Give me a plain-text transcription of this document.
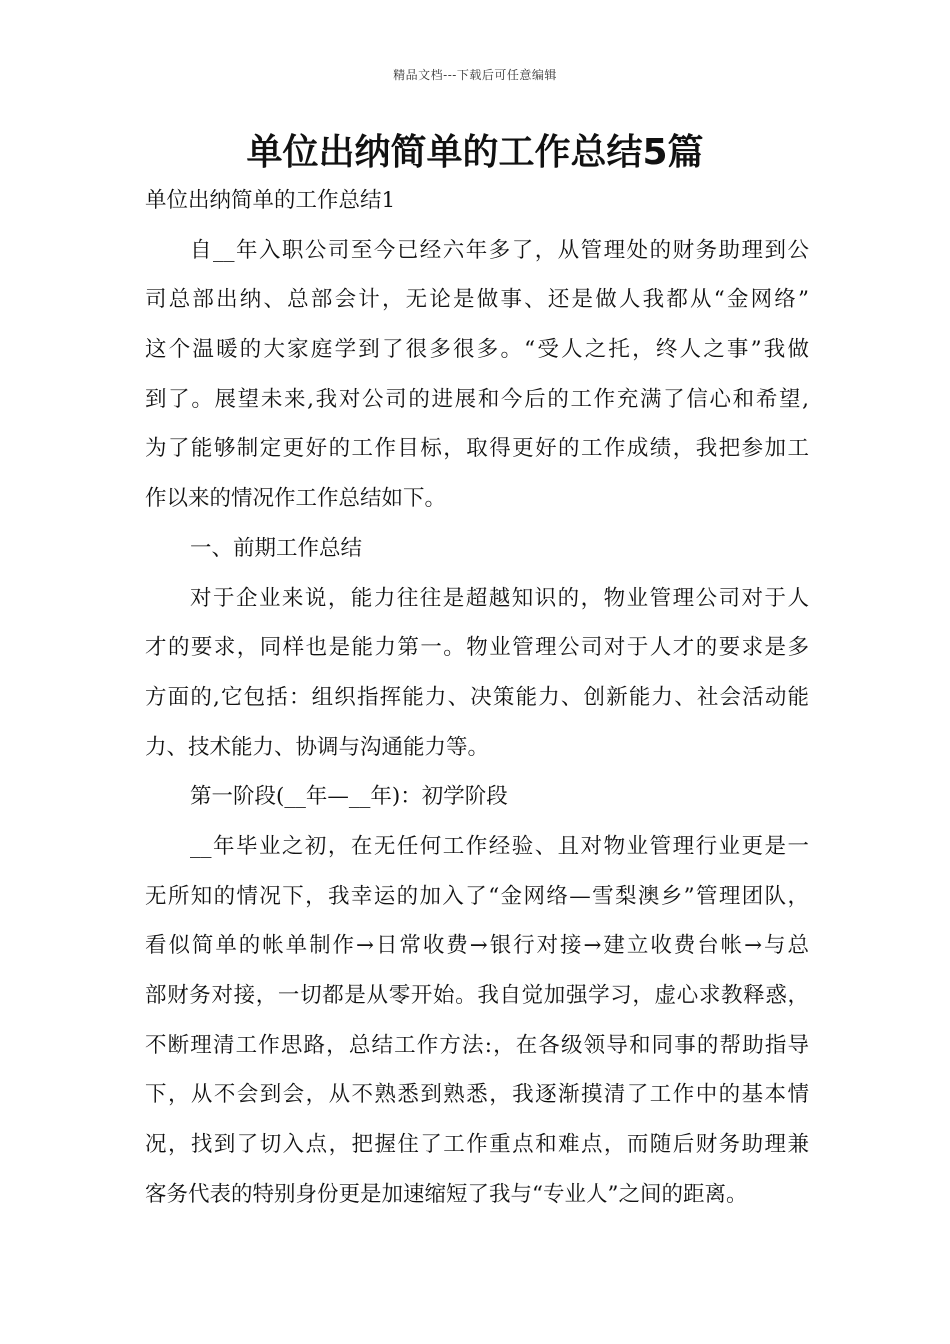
精品文档---下载后可任意编辑
单位出纳简单的工作总结5篇
单位出纳简单的工作总结1
自__年入职公司至今已经六年多了，从管理处的财务助理到公
司总部出纳、总部会计，无论是做事、还是做人我都从“金网络”
这个温暖的大家庭学到了很多很多。“受人之托，终人之事”我做
到了。展望未来,我对公司的进展和今后的工作充满了信心和希望,
为了能够制定更好的工作目标，取得更好的工作成绩，我把参加工
作以来的情况作工作总结如下。
一、前期工作总结
对于企业来说，能力往往是超越知识的，物业管理公司对于人
才的要求，同样也是能力第一。物业管理公司对于人才的要求是多
方面的,它包括：组织指挥能力、决策能力、创新能力、社会活动能
力、技术能力、协调与沟通能力等。
第一阶段(__年—__年)：初学阶段
__年毕业之初，在无任何工作经验、且对物业管理行业更是一
无所知的情况下，我幸运的加入了“金网络—雪梨澳乡”管理团队，
看似简单的帐单制作→日常收费→银行对接→建立收费台帐→与总
部财务对接，一切都是从零开始。我自觉加强学习，虚心求教释惑，
不断理清工作思路，总结工作方法:，在各级领导和同事的帮助指导
下，从不会到会，从不熟悉到熟悉，我逐渐摸清了工作中的基本情
况，找到了切入点，把握住了工作重点和难点，而随后财务助理兼
客务代表的特别身份更是加速缩短了我与“专业人”之间的距离。
